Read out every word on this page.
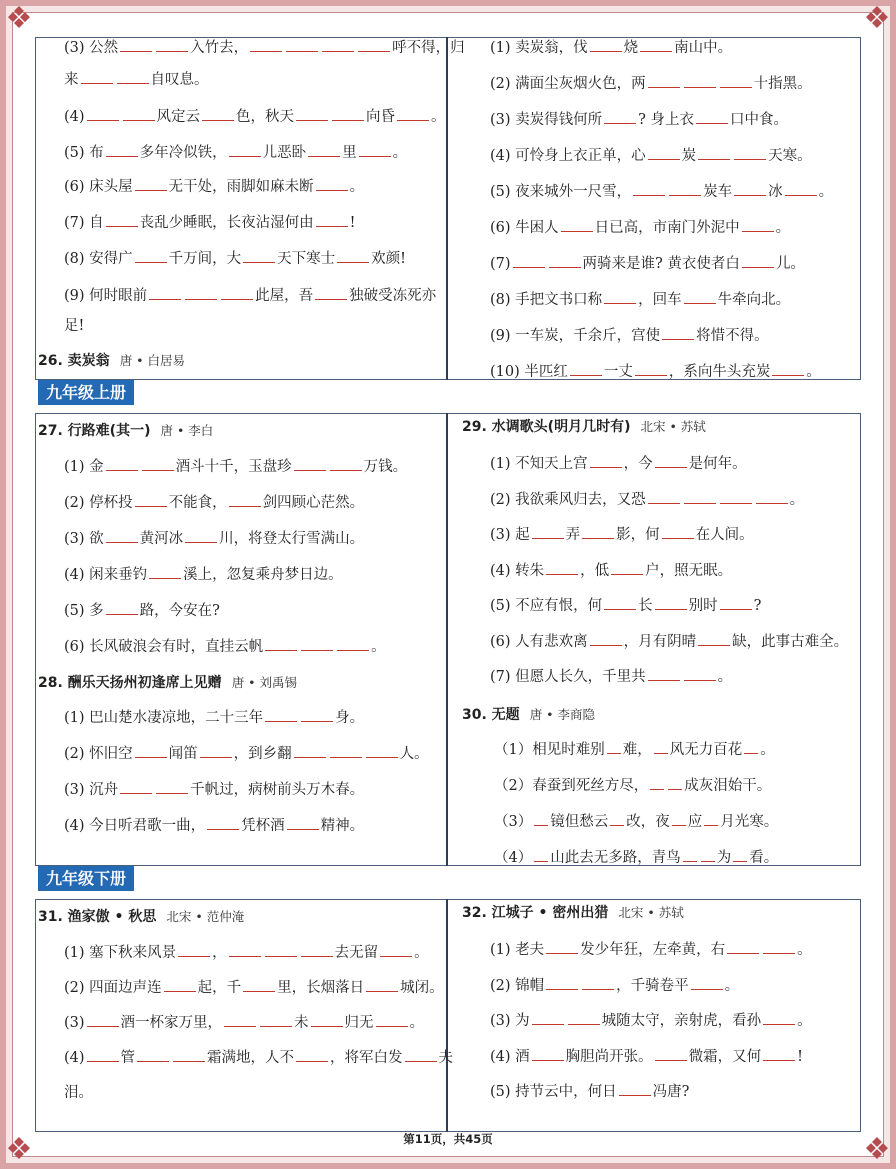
❖	❖
❖	❖
九年级上册
九年级下册
(3) 公然	入竹去，	呼不得，归
来	自叹息。
(4)	风定云 色，秋天	向昏 。
(5) 布 多年冷似铁， 儿恶卧 里 。
(6) 床头屋 无干处，雨脚如麻未断 。
(7) 自 丧乱少睡眠，长夜沾湿何由 !
(8) 安得广 千万间，大 天下寒士 欢颜!
(9) 何时眼前	此屋，吾 独破受冻死亦
足!
26. 卖炭翁 唐 • 白居易
(1) 卖炭翁，伐 烧 南山中。
(2) 满面尘灰烟火色，两	十指黑。
(3) 卖炭得钱何所 ? 身上衣 口中食。
(4) 可怜身上衣正单，心 炭	天寒。
(5) 夜来城外一尺雪，	炭车 冰 。
(6) 牛困人 日已高，市南门外泥中 。
(7)	两骑来是谁? 黄衣使者白 儿。
(8) 手把文书口称 ，回车 牛牵向北。
(9) 一车炭，千余斤，宫使 将惜不得。
(10) 半匹红 一丈 ，系向牛头充炭 。
27. 行路难(其一) 唐 • 李白
(1) 金	酒斗十千，玉盘珍	万钱。
(2) 停杯投 不能食， 剑四顾心茫然。
(3) 欲 黄河冰 川，将登太行雪满山。
(4) 闲来垂钓 溪上，忽复乘舟梦日边。
(5) 多 路，今安在?
(6) 长风破浪会有时，直挂云帆	。
28. 酬乐天扬州初逢席上见赠 唐 • 刘禹锡
(1) 巴山楚水凄凉地，二十三年	身。
(2) 怀旧空 闻笛 ，到乡翻	人。
(3) 沉舟	千帆过，病树前头万木春。
(4) 今日听君歌一曲， 凭杯酒 精神。
29. 水调歌头(明月几时有) 北宋 • 苏轼
(1) 不知天上宫 ，今 是何年。
(2) 我欲乘风归去，又恐	。
(3) 起 弄 影，何 在人间。
(4) 转朱 ，低 户，照无眠。
(5) 不应有恨，何 长 别时 ?
(6) 人有悲欢离 ，月有阴晴 缺，此事古难全。
(7) 但愿人长久，千里共	。
30. 无题 唐 • 李商隐
（1）相见时难别 难， 风无力百花 。
（2）春蚕到死丝方尽， 成灰泪始干。
（3） 镜但愁云 改，夜 应 月光寒。
（4） 山此去无多路，青鸟 为 看。
31. 渔家傲 • 秋思 北宋 • 范仲淹
(1) 塞下秋来风景 ，	去无留 。
(2) 四面边声连 起，千 里，长烟落日 城闭。
(3) 酒一杯家万里，	未 归无 。
(4) 管	霜满地，人不 ，将军白发 夫
泪。
32. 江城子 • 密州出猎 北宋 • 苏轼
(1) 老夫 发少年狂，左牵黄，右	。
(2) 锦帽	，千骑卷平 。
(3) 为	城随太守，亲射虎，看孙 。
(4) 酒 胸胆尚开张。 微霜，又何 !
(5) 持节云中，何日 冯唐?
第11页，共45页
